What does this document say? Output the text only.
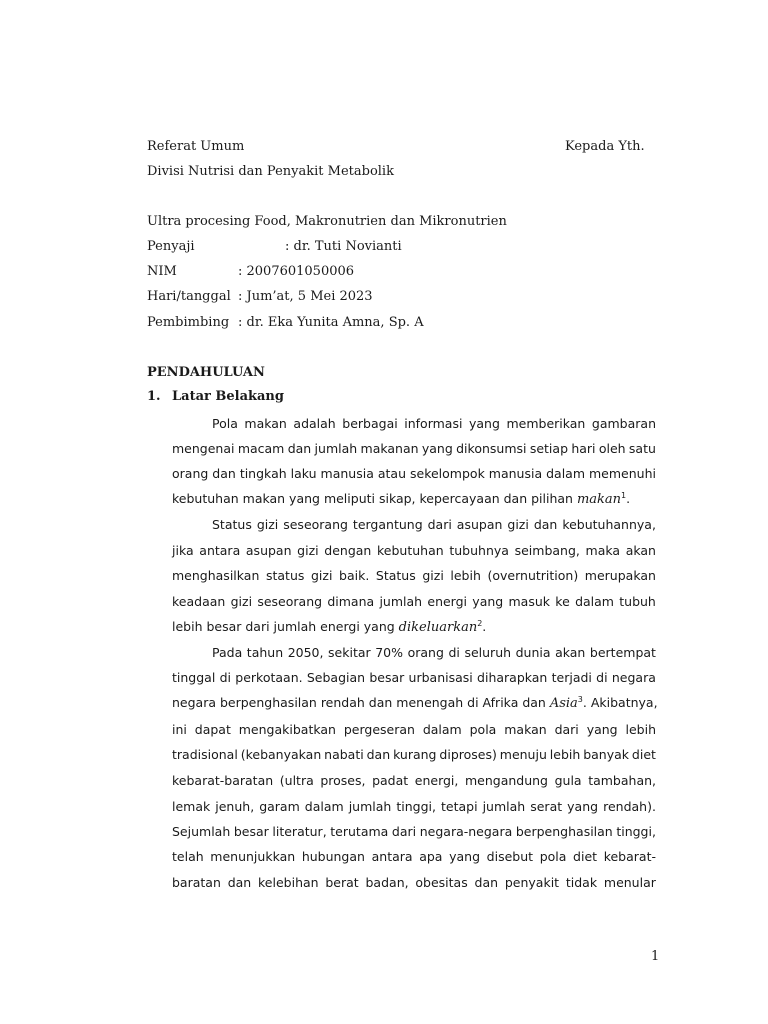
Referat Umum	Kepada Yth.
Divisi Nutrisi dan Penyakit Metabolik
Ultra procesing Food, Makronutrien dan Mikronutrien
Penyaji	: dr. Tuti Novianti
NIM	: 2007601050006
Hari/tanggal : Jum’at, 5 Mei 2023
Pembimbing : dr. Eka Yunita Amna, Sp. A
PENDAHULUAN
1. Latar Belakang
Pola makan adalah berbagai informasi yang memberikan gambaran
mengenai macam dan jumlah makanan yang dikonsumsi setiap hari oleh satu
orang dan tingkah laku manusia atau sekelompok manusia dalam memenuhi
kebutuhan makan yang meliputi sikap, kepercayaan dan pilihan makan$^1$.
Status gizi seseorang tergantung dari asupan gizi dan kebutuhannya,
jika antara asupan gizi dengan kebutuhan tubuhnya seimbang, maka akan
menghasilkan status gizi baik. Status gizi lebih (overnutrition) merupakan
keadaan gizi seseorang dimana jumlah energi yang masuk ke dalam tubuh
lebih besar dari jumlah energi yang dikeluarkan$^2$.
Pada tahun 2050, sekitar 70% orang di seluruh dunia akan bertempat
tinggal di perkotaan. Sebagian besar urbanisasi diharapkan terjadi di negara
negara berpenghasilan rendah dan menengah di Afrika dan Asia$^3$. Akibatnya,
ini dapat mengakibatkan pergeseran dalam pola makan dari yang lebih
tradisional (kebanyakan nabati dan kurang diproses) menuju lebih banyak diet
kebarat-baratan (ultra proses, padat energi, mengandung gula tambahan,
lemak jenuh, garam dalam jumlah tinggi, tetapi jumlah serat yang rendah).
Sejumlah besar literatur, terutama dari negara-negara berpenghasilan tinggi,
telah menunjukkan hubungan antara apa yang disebut pola diet kebarat-
baratan dan kelebihan berat badan, obesitas dan penyakit tidak menular
1
